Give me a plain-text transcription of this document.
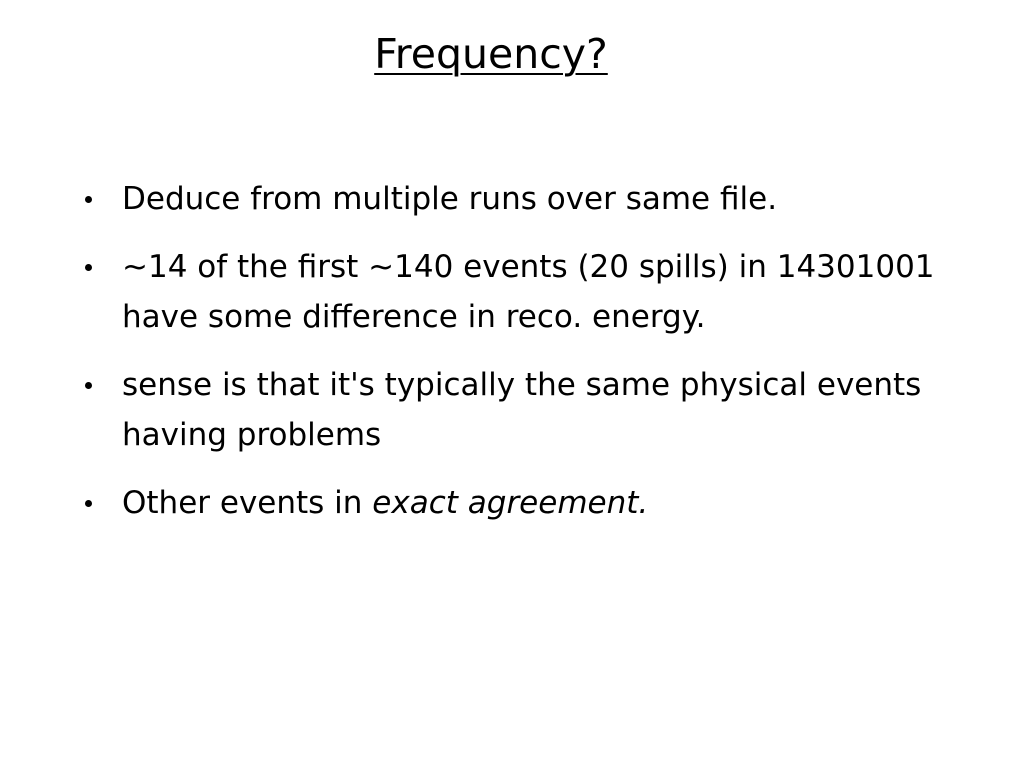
Frequency?
Deduce from multiple runs over same file.
~14 of the first ~140 events (20 spills) in 14301001 have some difference in reco. energy.
sense is that it's typically the same physical events having problems
Other events in exact agreement.
